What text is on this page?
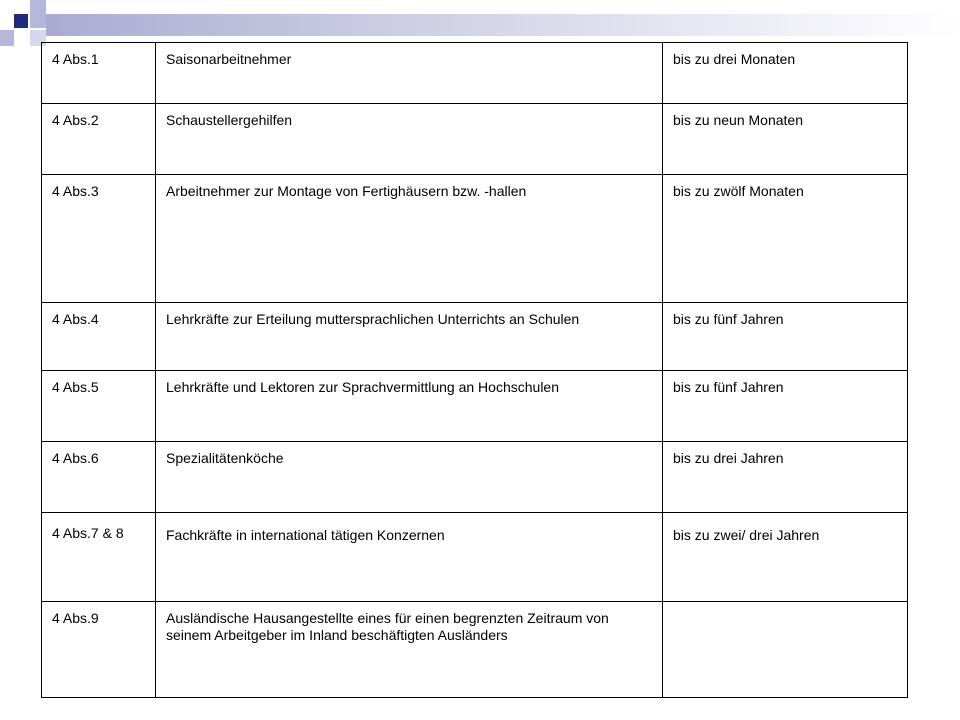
4 Abs.1	Saisonarbeitnehmer	bis zu drei Monaten
4 Abs.2	Schaustellergehilfen	bis zu neun Monaten
4 Abs.3	Arbeitnehmer zur Montage von Fertighäusern bzw. -hallen	bis zu zwölf Monaten
4 Abs.4	Lehrkräfte zur Erteilung muttersprachlichen Unterrichts an Schulen	bis zu fünf Jahren
4 Abs.5	Lehrkräfte und Lektoren zur Sprachvermittlung an Hochschulen	bis zu fünf Jahren
4 Abs.6	Spezialitätenköche	bis zu drei Jahren
4 Abs.7 & 8	Fachkräfte in international tätigen Konzernen	bis zu zwei/ drei Jahren
4 Abs.9	Ausländische Hausangestellte eines für einen begrenzten Zeitraum von seinem Arbeitgeber im Inland beschäftigten Ausländers	
